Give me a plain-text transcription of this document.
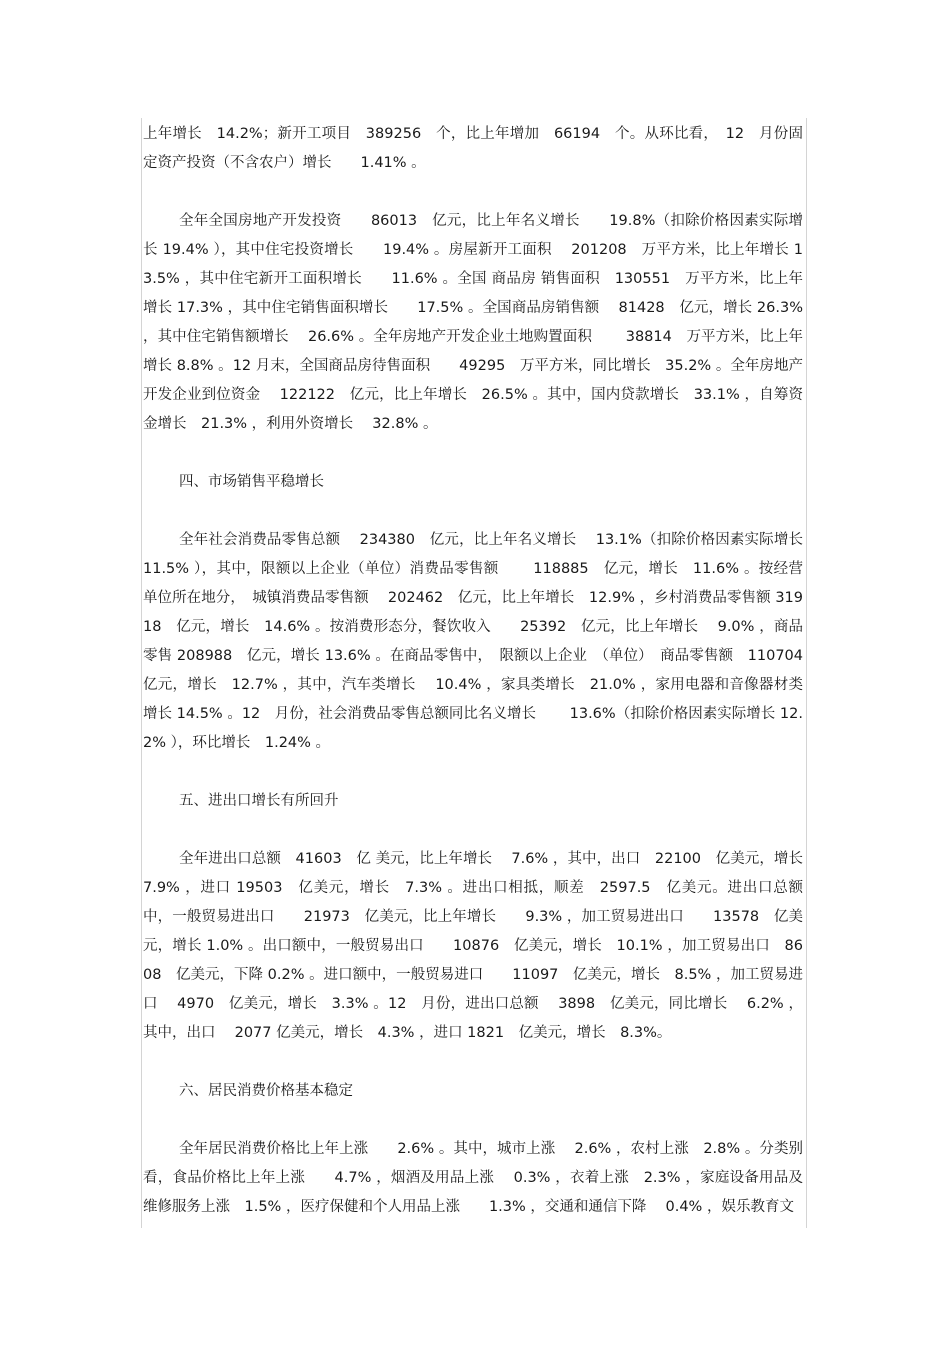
上年增长　14.2%；新开工项目　389256　个，比上年增加　66194　个。从环比看，　12　月份固定资产投资（不含农户）增长　　1.41% 。

全年全国房地产开发投资　　86013　亿元，比上年名义增长　　19.8%（扣除价格因素实际增长 19.4% ），其中住宅投资增长　　19.4% 。房屋新开工面积　 201208　万平方米，比上年增长 13.5% ，其中住宅新开工面积增长　　11.6% 。全国 商品房 销售面积　130551　万平方米，比上年增长 17.3% ，其中住宅销售面积增长　　17.5% 。全国商品房销售额　 81428　亿元，增长 26.3% ，其中住宅销售额增长　 26.6% 。全年房地产开发企业土地购置面积　　 38814　万平方米，比上年增长 8.8% 。12 月末，全国商品房待售面积　　49295　万平方米，同比增长　35.2% 。全年房地产开发企业到位资金　 122122　亿元，比上年增长　26.5% 。其中，国内贷款增长　33.1% ，自筹资金增长　21.3% ，利用外资增长　 32.8% 。

四、市场销售平稳增长

全年社会消费品零售总额　 234380　亿元，比上年名义增长　 13.1%（扣除价格因素实际增长 11.5% ），其中，限额以上企业（单位）消费品零售额　　 118885　亿元，增长　11.6% 。按经营单位所在地分，　城镇消费品零售额　 202462　亿元，比上年增长　12.9% ，乡村消费品零售额 31918　亿元，增长　14.6% 。按消费形态分，餐饮收入　　25392　亿元，比上年增长　 9.0% ，商品零售 208988　亿元，增长 13.6% 。在商品零售中，　限额以上企业　（单位）　商品零售额　110704 亿元，增长　12.7% ，其中，汽车类增长　 10.4% ，家具类增长　21.0% ，家用电器和音像器材类增长 14.5% 。12　月份，社会消费品零售总额同比名义增长　　 13.6%（扣除价格因素实际增长 12.2% ），环比增长　1.24% 。

五、进出口增长有所回升

全年进出口总额　41603　亿 美元，比上年增长　 7.6% ，其中，出口　22100　亿美元，增长 7.9% ，进口 19503　亿美元，增长　7.3% 。进出口相抵，顺差　2597.5　亿美元。进出口总额中，一般贸易进出口　　21973　亿美元，比上年增长　　9.3% ，加工贸易进出口　　13578　亿美元，增长 1.0% 。出口额中，一般贸易出口　　10876　亿美元，增长　10.1% ，加工贸易出口　8608　亿美元，下降 0.2% 。进口额中，一般贸易进口　　11097　亿美元，增长　8.5% ，加工贸易进口　 4970　亿美元，增长　3.3% 。12　月份，进出口总额　 3898　亿美元，同比增长　 6.2% ，其中，出口　 2077 亿美元，增长　4.3% ，进口 1821　亿美元，增长　8.3%。

六、居民消费价格基本稳定

全年居民消费价格比上年上涨　　2.6% 。其中，城市上涨　 2.6% ，农村上涨　2.8% 。分类别看，食品价格比上年上涨　　4.7% ，烟酒及用品上涨　 0.3% ，衣着上涨　2.3% ，家庭设备用品及维修服务上涨　1.5% ，医疗保健和个人用品上涨　　1.3% ，交通和通信下降　 0.4% ，娱乐教育文
